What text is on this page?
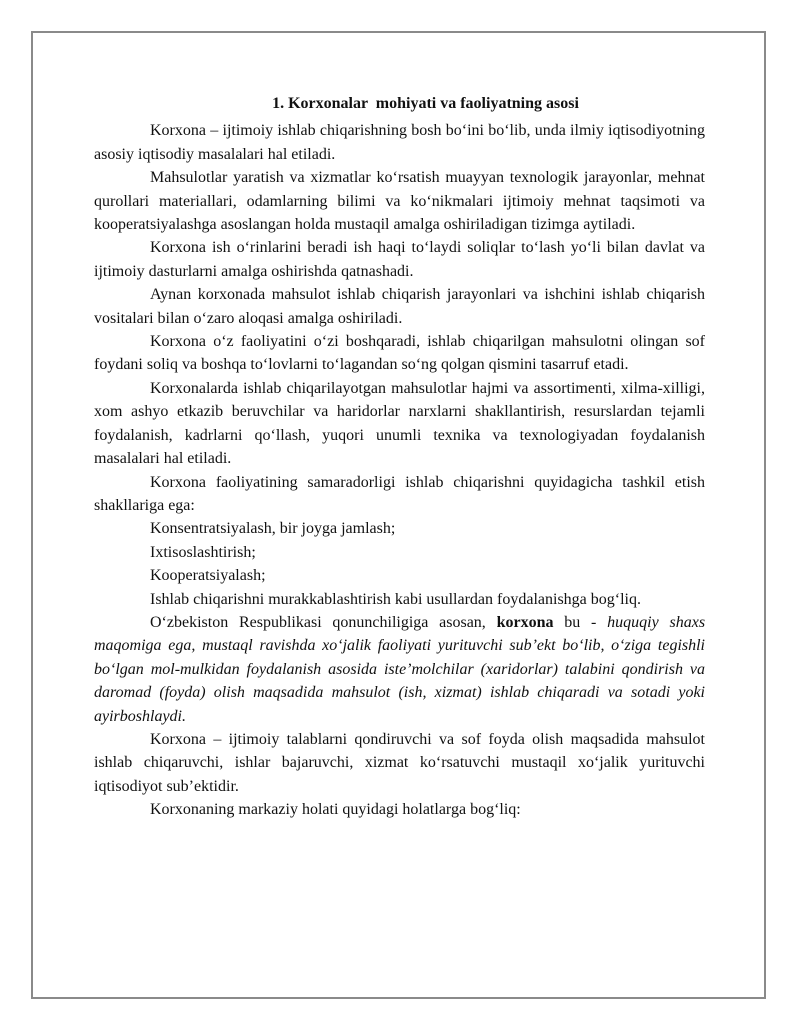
1. Korxonalar  mohiyati va faoliyatning asosi

Korxona – ijtimoiy ishlab chiqarishning bosh boʻini boʻlib, unda ilmiy iqtisodiyotning asosiy iqtisodiy masalalari hal etiladi.

Mahsulotlar yaratish va xizmatlar koʻrsatish muayyan texnologik jarayonlar, mehnat qurollari materiallari, odamlarning bilimi va koʻnikmalari ijtimoiy mehnat taqsimoti va kooperatsiyalashga asoslangan holda mustaqil amalga oshiriladigan tizimga aytiladi.

Korxona ish oʻrinlarini beradi ish haqi toʻlaydi soliqlar toʻlash yoʻli bilan davlat va ijtimoiy dasturlarni amalga oshirishda qatnashadi.

Aynan korxonada mahsulot ishlab chiqarish jarayonlari va ishchini ishlab chiqarish vositalari bilan oʻzaro aloqasi amalga oshiriladi.

Korxona oʻz faoliyatini oʻzi boshqaradi, ishlab chiqarilgan mahsulotni olingan sof foydani soliq va boshqa toʻlovlarni toʻlagandan soʻng qolgan qismini tasarruf etadi.

Korxonalarda ishlab chiqarilayotgan mahsulotlar hajmi va assortimenti, xilma-xilligi, xom ashyo etkazib beruvchilar va haridorlar narxlarni shakllantirish, resurslardan tejamli foydalanish, kadrlarni qoʻllash, yuqori unumli texnika va texnologiyadan foydalanish masalalari hal etiladi.

Korxona faoliyatining samaradorligi ishlab chiqarishni quyidagicha tashkil etish shakllariga ega:

Konsentratsiyalash, bir joyga jamlash;

Ixtisoslashtirish;

Kooperatsiyalash;

Ishlab chiqarishni murakkablashtirish kabi usullardan foydalanishga bogʻliq.

Oʻzbekiston Respublikasi qonunchiligiga asosan, korxona bu - huquqiy shaxs maqomiga ega, mustaql ravishda xoʻjalik faoliyati yurituvchi subʼekt boʻlib, oʻziga tegishli boʻlgan mol-mulkidan foydalanish asosida isteʼmolchilar (xaridorlar) talabini qondirish va daromad (foyda) olish maqsadida mahsulot (ish, xizmat) ishlab chiqaradi va sotadi yoki ayirboshlaydi.

Korxona – ijtimoiy talablarni qondiruvchi va sof foyda olish maqsadida mahsulot ishlab chiqaruvchi, ishlar bajaruvchi, xizmat koʻrsatuvchi mustaqil xoʻjalik yurituvchi iqtisodiyot subʼektidir.

Korxonaning markaziy holati quyidagi holatlarga bogʻliq:
